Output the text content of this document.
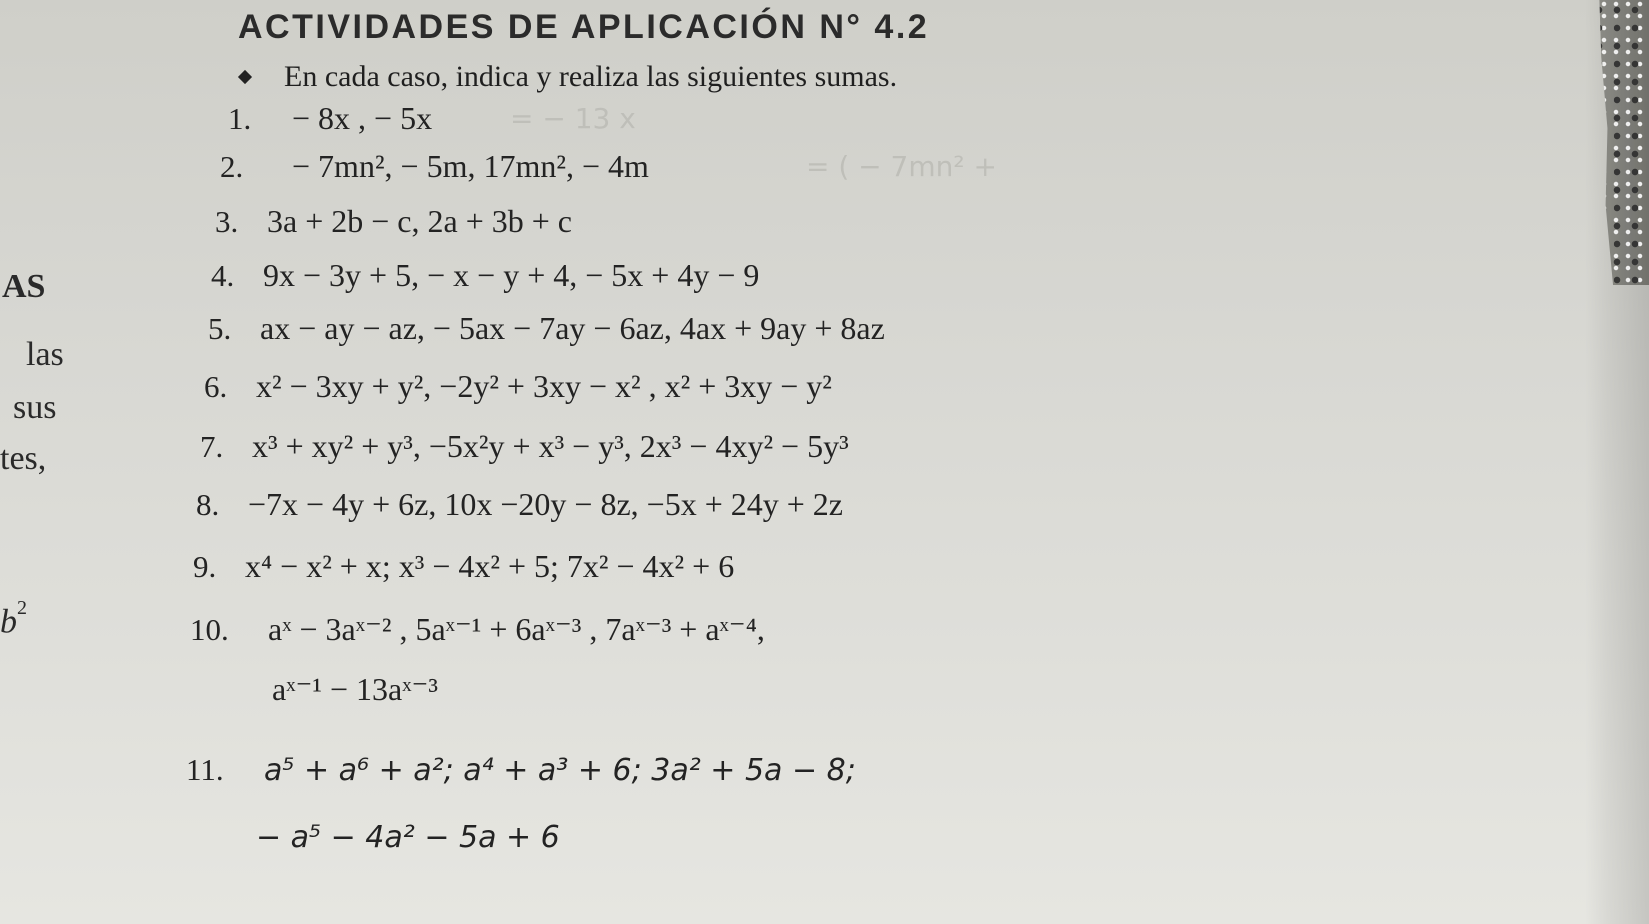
ACTIVIDADES DE APLICACIÓN N° 4.2
En cada caso, indica y realiza las siguientes sumas.
AS
las
sus
tes,
$b^2$
1.	− 8x , − 5x	= − 13 x
2.	− 7mn², − 5m, 17mn², − 4m	= ( − 7mn² +
3. 3a + 2b − c, 2a + 3b + c
4. 9x − 3y + 5, − x − y + 4, − 5x + 4y − 9
5. ax − ay − az, − 5ax − 7ay − 6az, 4ax + 9ay + 8az
6. x² − 3xy + y², −2y² + 3xy − x² , x² + 3xy − y²
7. x³ + xy² + y³, −5x²y + x³ − y³, 2x³ − 4xy² − 5y³
8. −7x − 4y + 6z, 10x −20y − 8z, −5x + 24y + 2z
9. x⁴ − x² + x; x³ − 4x² + 5; 7x² − 4x² + 6
10.	aˣ − 3aˣ⁻² , 5aˣ⁻¹ + 6aˣ⁻³ , 7aˣ⁻³ + aˣ⁻⁴,
aˣ⁻¹ − 13aˣ⁻³
11.	a⁵ + a⁶ + a²; a⁴ + a³ + 6; 3a² + 5a − 8;
− a⁵ − 4a² − 5a + 6
